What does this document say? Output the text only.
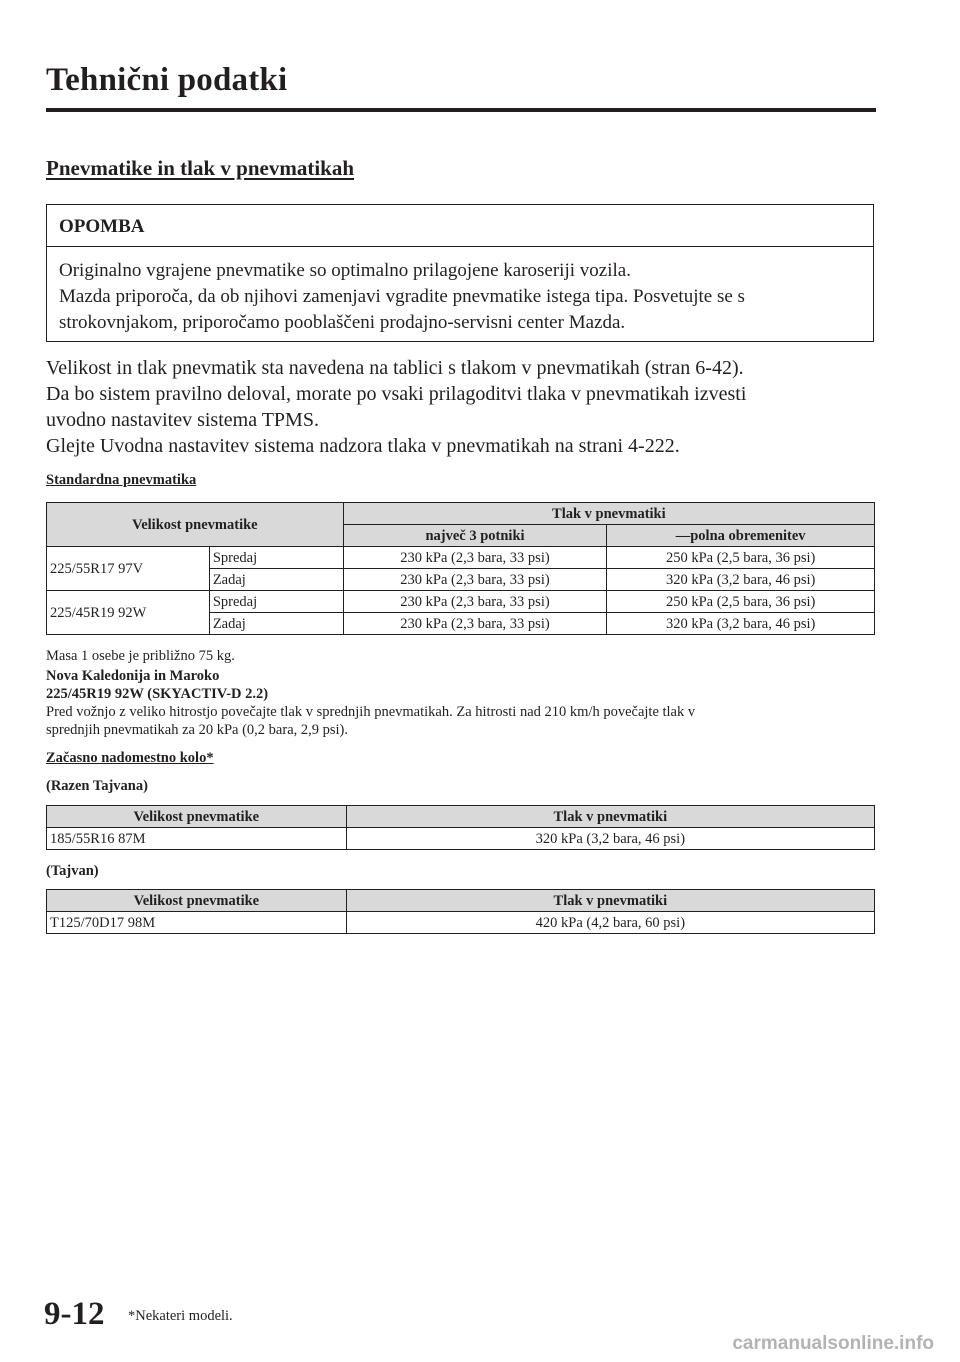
Tehnični podatki
Pnevmatike in tlak v pnevmatikah
OPOMBA
Originalno vgrajene pnevmatike so optimalno prilagojene karoseriji vozila.
Mazda priporoča, da ob njihovi zamenjavi vgradite pnevmatike istega tipa. Posvetujte se s
strokovnjakom, priporočamo pooblaščeni prodajno-servisni center Mazda.
Velikost in tlak pnevmatik sta navedena na tablici s tlakom v pnevmatikah (stran 6-42).
Da bo sistem pravilno deloval, morate po vsaki prilagoditvi tlaka v pnevmatikah izvesti
uvodno nastavitev sistema TPMS.
Glejte Uvodna nastavitev sistema nadzora tlaka v pnevmatikah na strani 4-222.
Standardna pnevmatika
Velikost pnevmatike		Tlak v pnevmatiki	
		največ 3 potniki	—polna obremenitev
225/55R17 97V	Spredaj	230 kPa (2,3 bara, 33 psi)	250 kPa (2,5 bara, 36 psi)
	Zadaj	230 kPa (2,3 bara, 33 psi)	320 kPa (3,2 bara, 46 psi)
225/45R19 92W	Spredaj	230 kPa (2,3 bara, 33 psi)	250 kPa (2,5 bara, 36 psi)
	Zadaj	230 kPa (2,3 bara, 33 psi)	320 kPa (3,2 bara, 46 psi)
Masa 1 osebe je približno 75 kg.
Nova Kaledonija in Maroko
225/45R19 92W (SKYACTIV-D 2.2)
Pred vožnjo z veliko hitrostjo povečajte tlak v sprednjih pnevmatikah. Za hitrosti nad 210 km/h povečajte tlak v
sprednjih pnevmatikah za 20 kPa (0,2 bara, 2,9 psi).
Začasno nadomestno kolo*
(Razen Tajvana)
Velikost pnevmatike	Tlak v pnevmatiki
185/55R16 87M	320 kPa (3,2 bara, 46 psi)
(Tajvan)
Velikost pnevmatike	Tlak v pnevmatiki
T125/70D17 98M	420 kPa (4,2 bara, 60 psi)
9-12 *Nekateri modeli.
carmanualsonline.info
